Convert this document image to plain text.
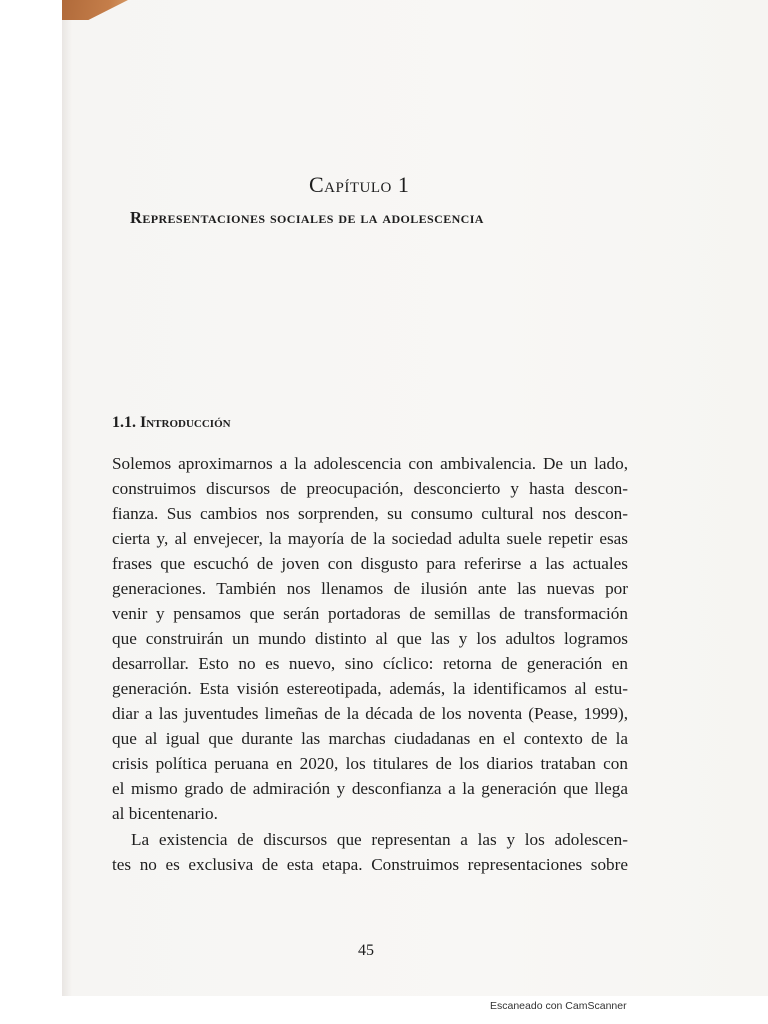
Capítulo 1
Representaciones sociales de la adolescencia
1.1. Introducción
Solemos aproximarnos a la adolescencia con ambivalencia. De un lado,
construimos discursos de preocupación, desconcierto y hasta descon-
fianza. Sus cambios nos sorprenden, su consumo cultural nos descon-
cierta y, al envejecer, la mayoría de la sociedad adulta suele repetir esas
frases que escuchó de joven con disgusto para referirse a las actuales
generaciones. También nos llenamos de ilusión ante las nuevas por
venir y pensamos que serán portadoras de semillas de transformación
que construirán un mundo distinto al que las y los adultos logramos
desarrollar. Esto no es nuevo, sino cíclico: retorna de generación en
generación. Esta visión estereotipada, además, la identificamos al estu-
diar a las juventudes limeñas de la década de los noventa (Pease, 1999),
que al igual que durante las marchas ciudadanas en el contexto de la
crisis política peruana en 2020, los titulares de los diarios trataban con
el mismo grado de admiración y desconfianza a la generación que llega
al bicentenario.
La existencia de discursos que representan a las y los adolescen-
tes no es exclusiva de esta etapa. Construimos representaciones sobre
45
Escaneado con CamScanner
